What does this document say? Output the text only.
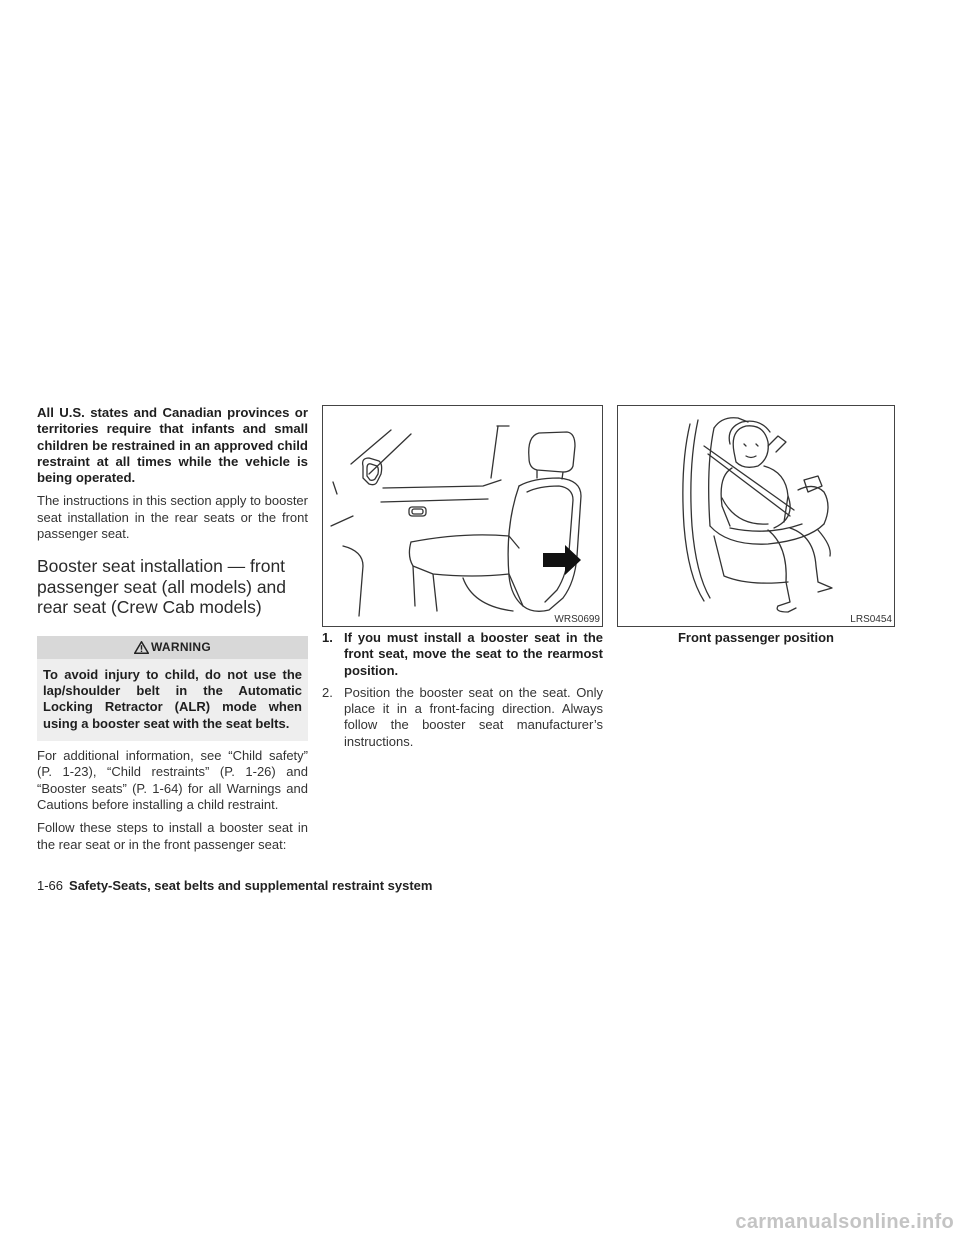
All U.S. states and Canadian provinces or territories require that infants and small children be restrained in an approved child restraint at all times while the vehicle is being operated.

The instructions in this section apply to booster seat installation in the rear seats or the front passenger seat.

Booster seat installation — front passenger seat (all models) and rear seat (Crew Cab models)
WARNING
To avoid injury to child, do not use the lap/shoulder belt in the Automatic Locking Retractor (ALR) mode when using a booster seat with the seat belts.

For additional information, see “Child safety” (P. 1-23), “Child restraints” (P. 1-26) and “Booster seats” (P. 1-64) for all Warnings and Cautions before installing a child restraint.

Follow these steps to install a booster seat in the rear seat or in the front passenger seat:

WRS0699
1. If you must install a booster seat in the front seat, move the seat to the rearmost position.
2. Position the booster seat on the seat. Only place it in a front-facing direction. Always follow the booster seat manufacturer’s instructions.
LRS0454
Front passenger position
1-66 Safety-Seats, seat belts and supplemental restraint system
carmanualsonline.info
